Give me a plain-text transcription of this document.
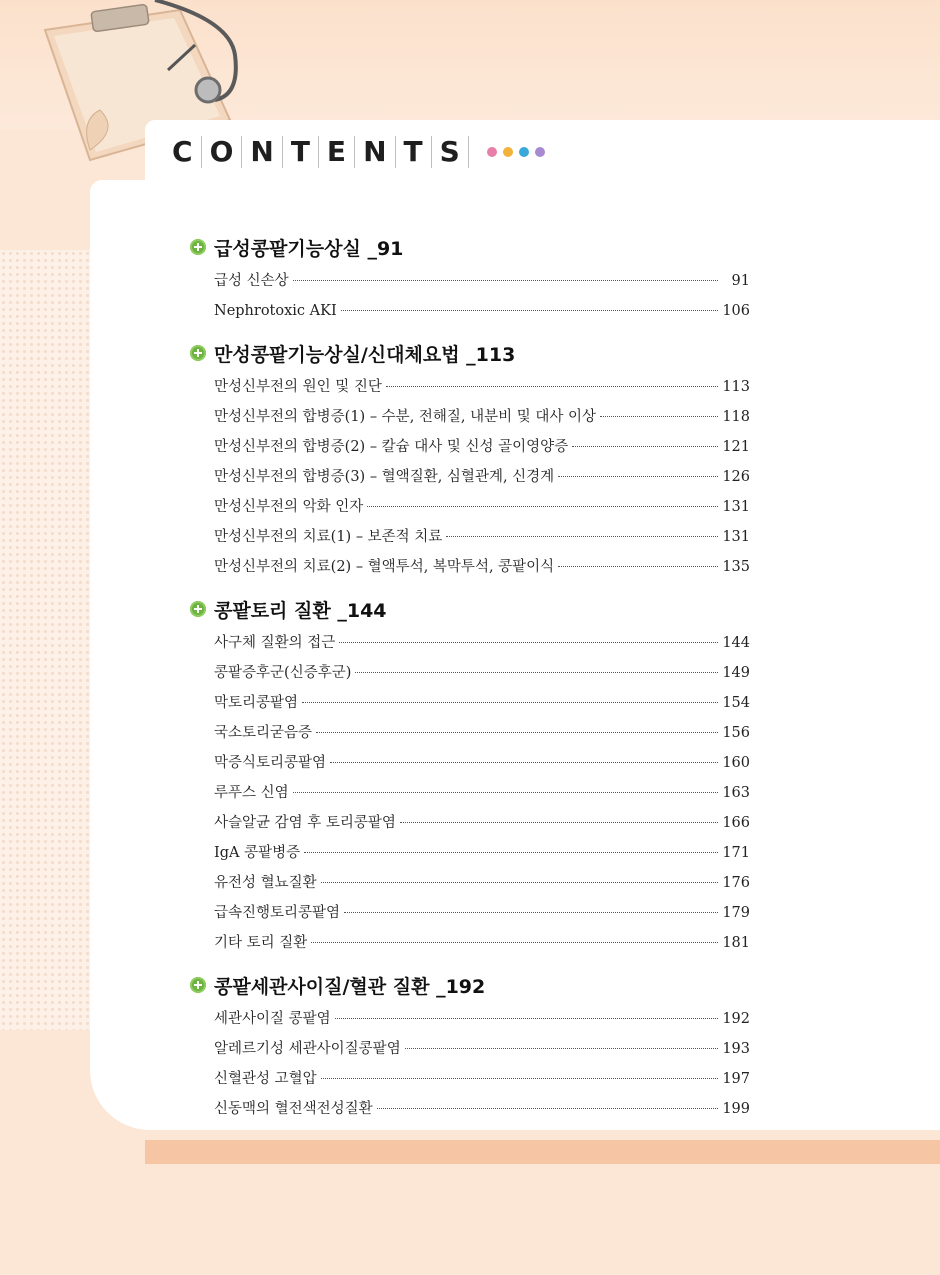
C O N T E N T S
급성콩팥기능상실 _91
급성 신손상	91
Nephrotoxic AKI	106
만성콩팥기능상실/신대체요법 _113
만성신부전의 원인 및 진단	113
만성신부전의 합병증(1) – 수분, 전해질, 내분비 및 대사 이상	118
만성신부전의 합병증(2) – 칼슘 대사 및 신성 골이영양증	121
만성신부전의 합병증(3) – 혈액질환, 심혈관계, 신경계	126
만성신부전의 악화 인자	131
만성신부전의 치료(1) – 보존적 치료	131
만성신부전의 치료(2) – 혈액투석, 복막투석, 콩팥이식	135
콩팥토리 질환 _144
사구체 질환의 접근	144
콩팥증후군(신증후군)	149
막토리콩팥염	154
국소토리굳음증	156
막증식토리콩팥염	160
루푸스 신염	163
사슬알균 감염 후 토리콩팥염	166
IgA 콩팥병증	171
유전성 혈뇨질환	176
급속진행토리콩팥염	179
기타 토리 질환	181
콩팥세관사이질/혈관 질환 _192
세관사이질 콩팥염	192
알레르기성 세관사이질콩팥염	193
신혈관성 고혈압	197
신동맥의 혈전색전성질환	199
